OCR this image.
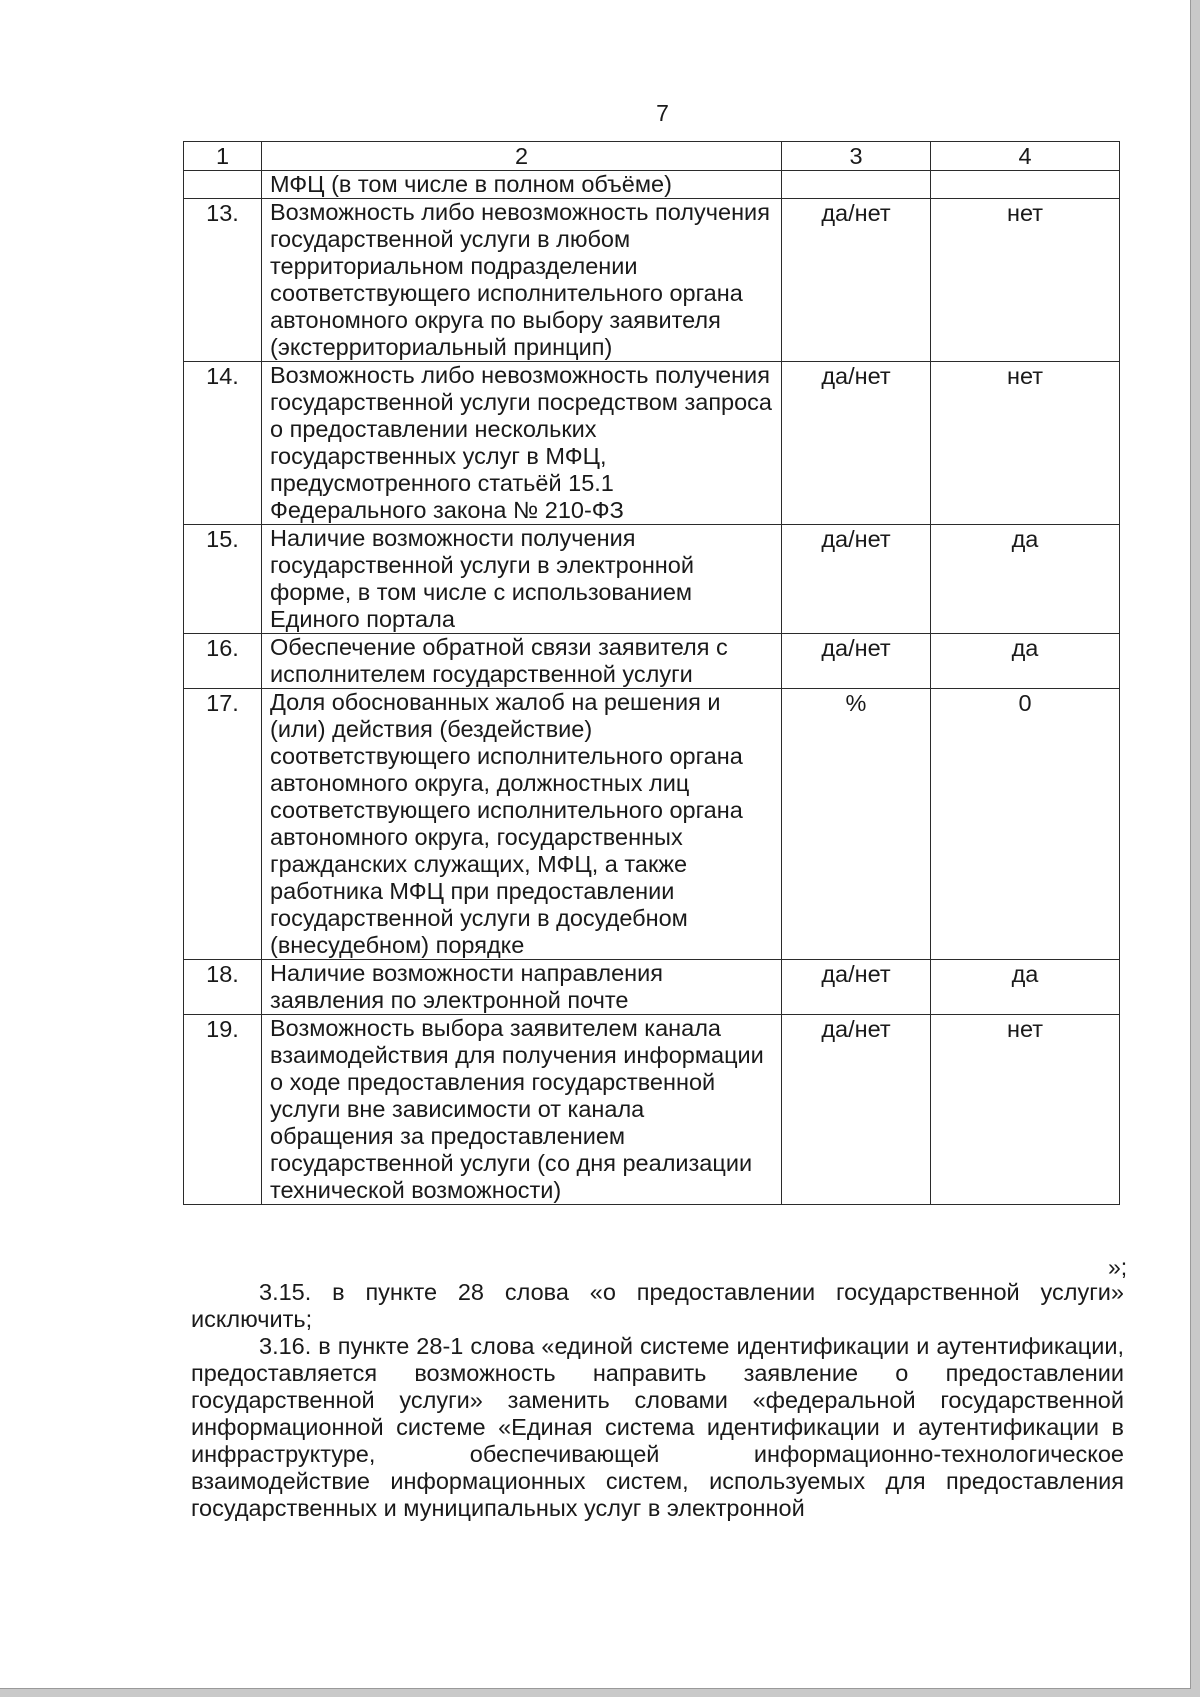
7
1	2	3	4
	МФЦ (в том числе в полном объёме)		

13.	Возможность либо невозможность получения государственной услуги в любом территориальном подразделении соответствующего исполнительного органа автономного округа по выбору заявителя (экстерриториальный принцип)	да/нет	нет

14.	Возможность либо невозможность получения государственной услуги посредством запроса о предоставлении нескольких государственных услуг в МФЦ, предусмотренного статьёй 15.1 Федерального закона № 210-ФЗ	да/нет	нет

15.	Наличие возможности получения государственной услуги в электронной форме, в том числе с использованием Единого портала	да/нет	да

16.	Обеспечение обратной связи заявителя с исполнителем государственной услуги	да/нет	да

17.	Доля обоснованных жалоб на решения и (или) действия (бездействие) соответствующего исполнительного органа автономного округа, должностных лиц соответствующего исполнительного органа автономного округа, государственных гражданских служащих, МФЦ, а также работника МФЦ при предоставлении государственной услуги в досудебном (внесудебном) порядке	%	0

18.	Наличие возможности направления заявления по электронной почте	да/нет	да

19.	Возможность выбора заявителем канала взаимодействия для получения информации о ходе предоставления государственной услуги вне зависимости от канала обращения за предоставлением государственной услуги (со дня реализации технической возможности)	да/нет	нет
»;

3.15. в пункте 28 слова «о предоставлении государственной услуги» исключить;

3.16. в пункте 28-1 слова «единой системе идентификации и аутентификации, предоставляется возможность направить заявление о предоставлении государственной услуги» заменить словами «федеральной государственной информационной системе «Единая система идентификации и аутентификации в инфраструктуре, обеспечивающей информационно-технологическое взаимодействие информационных систем, используемых для предоставления государственных и муниципальных услуг в электронной
